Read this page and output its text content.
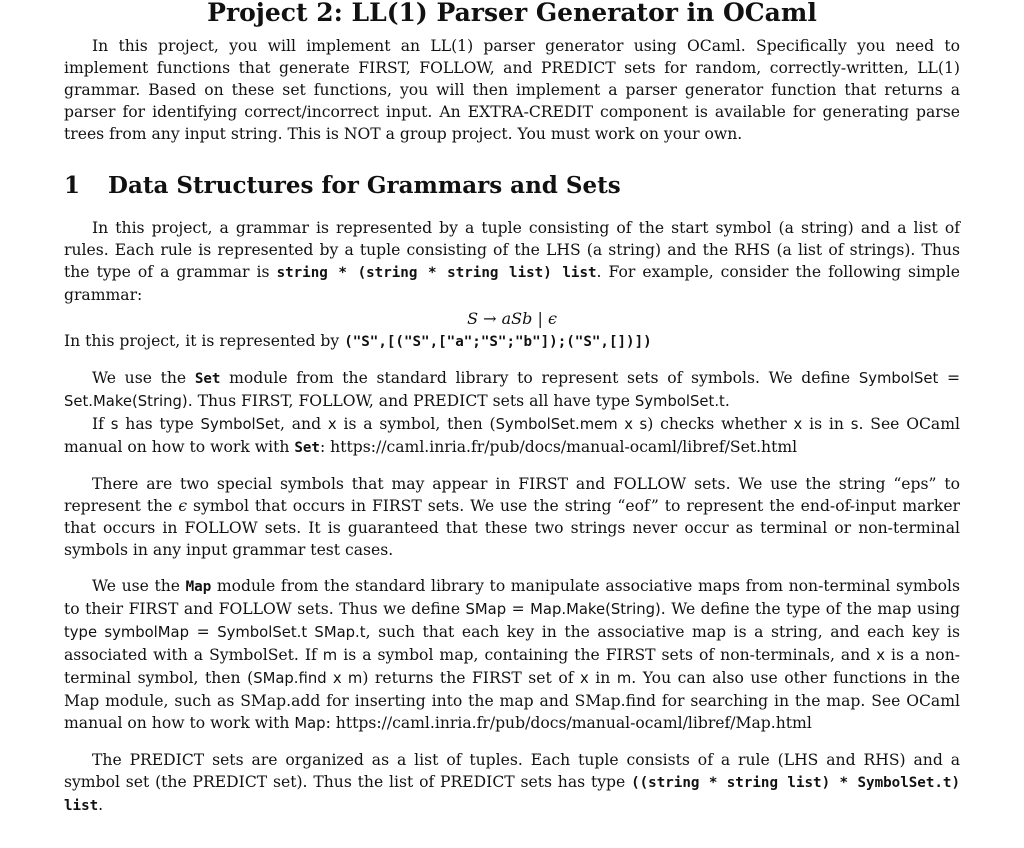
Project 2: LL(1) Parser Generator in OCaml

In this project, you will implement an LL(1) parser generator using OCaml. Specifically you need to implement functions that generate FIRST, FOLLOW, and PREDICT sets for random, correctly-written, LL(1) grammar. Based on these set functions, you will then implement a parser generator function that returns a parser for identifying correct/incorrect input. An EXTRA-CREDIT component is available for generating parse trees from any input string. This is NOT a group project. You must work on your own.

1 Data Structures for Grammars and Sets

In this project, a grammar is represented by a tuple consisting of the start symbol (a string) and a list of rules. Each rule is represented by a tuple consisting of the LHS (a string) and the RHS (a list of strings). Thus the type of a grammar is string * (string * string list) list. For example, consider the following simple grammar:

S → aSb | ϵ

In this project, it is represented by ("S",[("S",["a";"S";"b"]);("S",[])])

We use the Set module from the standard library to represent sets of symbols. We define SymbolSet = Set.Make(String). Thus FIRST, FOLLOW, and PREDICT sets all have type SymbolSet.t.

If s has type SymbolSet, and x is a symbol, then (SymbolSet.mem x s) checks whether x is in s. See OCaml manual on how to work with Set: https://caml.inria.fr/pub/docs/manual-ocaml/libref/Set.html

There are two special symbols that may appear in FIRST and FOLLOW sets. We use the string “eps” to represent the ϵ symbol that occurs in FIRST sets. We use the string “eof” to represent the end-of-input marker that occurs in FOLLOW sets. It is guaranteed that these two strings never occur as terminal or non-terminal symbols in any input grammar test cases.

We use the Map module from the standard library to manipulate associative maps from non-terminal symbols to their FIRST and FOLLOW sets. Thus we define SMap = Map.Make(String). We define the type of the map using type symbolMap = SymbolSet.t SMap.t, such that each key in the associative map is a string, and each key is associated with a SymbolSet. If m is a symbol map, containing the FIRST sets of non-terminals, and x is a non-terminal symbol, then (SMap.find x m) returns the FIRST set of x in m. You can also use other functions in the Map module, such as SMap.add for inserting into the map and SMap.find for searching in the map. See OCaml manual on how to work with Map: https://caml.inria.fr/pub/docs/manual-ocaml/libref/Map.html

The PREDICT sets are organized as a list of tuples. Each tuple consists of a rule (LHS and RHS) and a symbol set (the PREDICT set). Thus the list of PREDICT sets has type ((string * string list) * SymbolSet.t) list.
